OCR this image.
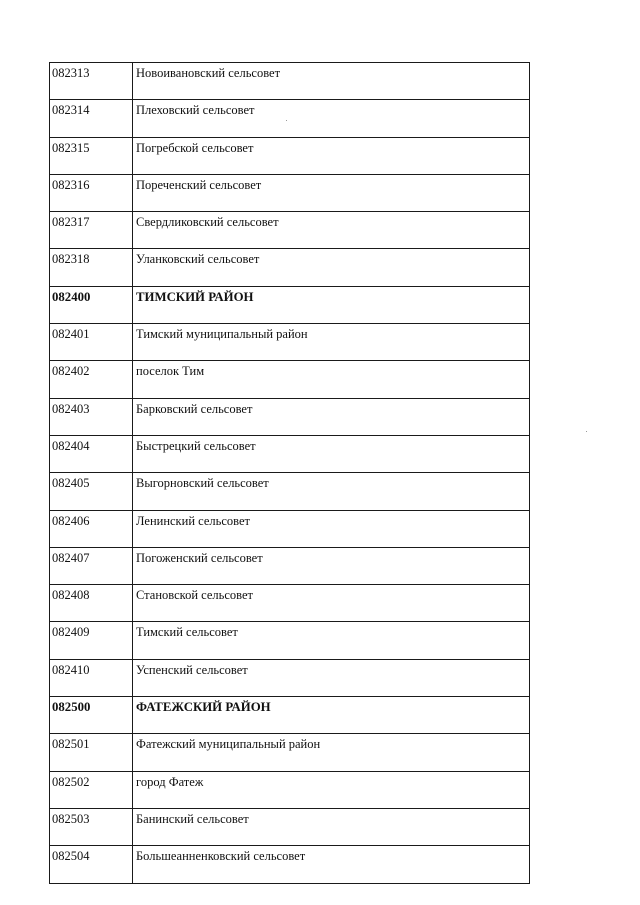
082313	Новоивановский сельсовет
082314	Плеховский сельсовет
082315	Погребской сельсовет
082316	Пореченский сельсовет
082317	Свердликовский сельсовет
082318	Уланковский сельсовет
082400	ТИМСКИЙ РАЙОН
082401	Тимский муниципальный район
082402	поселок Тим
082403	Барковский сельсовет
082404	Быстрецкий сельсовет
082405	Выгорновский сельсовет
082406	Ленинский сельсовет
082407	Погоженский сельсовет
082408	Становской сельсовет
082409	Тимский сельсовет
082410	Успенский сельсовет
082500	ФАТЕЖСКИЙ РАЙОН
082501	Фатежский муниципальный район
082502	город Фатеж
082503	Банинский сельсовет
082504	Большеанненковский сельсовет
